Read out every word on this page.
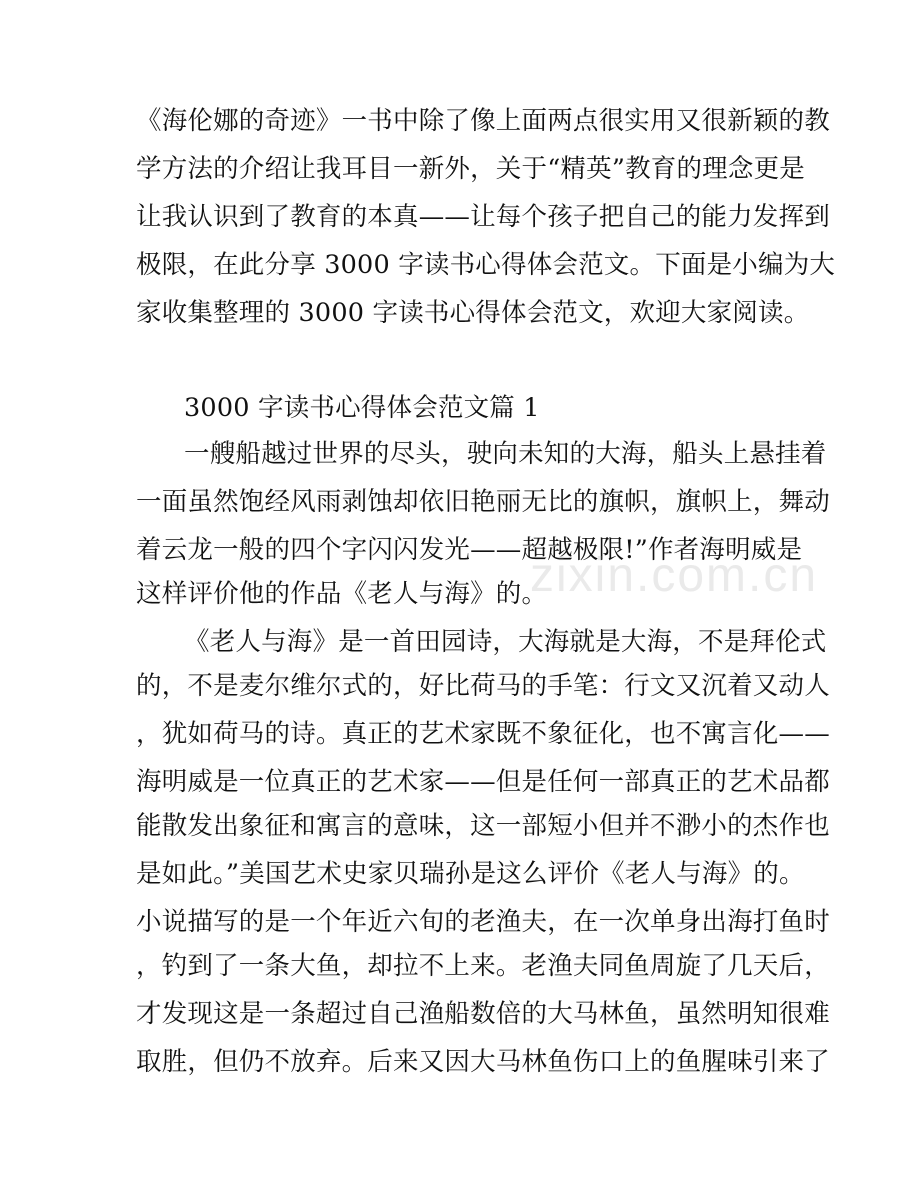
《海伦娜的奇迹》一书中除了像上面两点很实用又很新颖的教
学方法的介绍让我耳目一新外，关于“精英”教育的理念更是
让我认识到了教育的本真——让每个孩子把自己的能力发挥到
极限，在此分享 3000 字读书心得体会范文。下面是小编为大
家收集整理的 3000 字读书心得体会范文，欢迎大家阅读。
3000 字读书心得体会范文篇 1
一艘船越过世界的尽头，驶向未知的大海，船头上悬挂着
一面虽然饱经风雨剥蚀却依旧艳丽无比的旗帜，旗帜上，舞动
着云龙一般的四个字闪闪发光——超越极限!”作者海明威是
这样评价他的作品《老人与海》的。
《老人与海》是一首田园诗，大海就是大海，不是拜伦式
的，不是麦尔维尔式的，好比荷马的手笔：行文又沉着又动人
，犹如荷马的诗。真正的艺术家既不象征化，也不寓言化——
海明威是一位真正的艺术家——但是任何一部真正的艺术品都
能散发出象征和寓言的意味，这一部短小但并不渺小的杰作也
是如此。”美国艺术史家贝瑞孙是这么评价《老人与海》的。
小说描写的是一个年近六旬的老渔夫，在一次单身出海打鱼时
，钓到了一条大鱼，却拉不上来。老渔夫同鱼周旋了几天后，
才发现这是一条超过自己渔船数倍的大马林鱼，虽然明知很难
取胜，但仍不放弃。后来又因大马林鱼伤口上的鱼腥味引来了
zixin.com.cn
